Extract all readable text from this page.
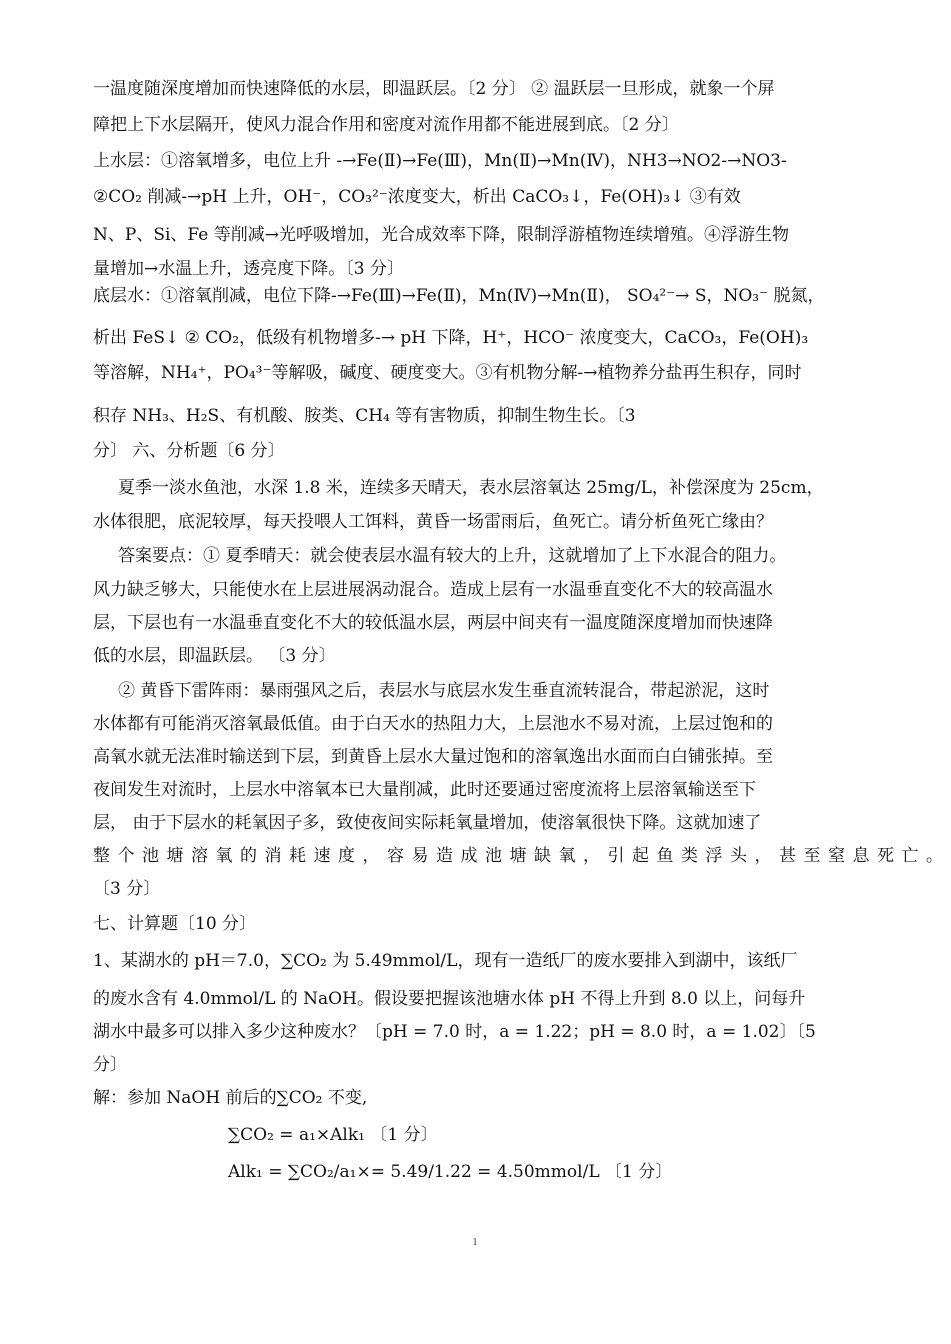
一温度随深度增加而快速降低的水层，即温跃层。〔2 分〕 ② 温跃层一旦形成，就象一个屏
障把上下水层隔开，使风力混合作用和密度对流作用都不能进展到底。〔2 分〕
上水层：①溶氧增多，电位上升 -→Fe(Ⅱ)→Fe(Ⅲ)，Mn(Ⅱ)→Mn(Ⅳ)，NH3→NO2-→NO3-
②CO₂ 削减-→pH 上升，OH⁻，CO₃²⁻浓度变大，析出 CaCO₃↓，Fe(OH)₃↓ ③有效
N、P、Si、Fe 等削减→光呼吸增加，光合成效率下降，限制浮游植物连续增殖。④浮游生物
量增加→水温上升，透亮度下降。〔3 分〕
底层水：①溶氧削减，电位下降-→Fe(Ⅲ)→Fe(Ⅱ)，Mn(Ⅳ)→Mn(Ⅱ)， SO₄²⁻→ S，NO₃⁻ 脱氮，
析出 FeS↓ ② CO₂，低级有机物增多-→ pH 下降，H⁺，HCO⁻ 浓度变大，CaCO₃，Fe(OH)₃
等溶解，NH₄⁺，PO₄³⁻等解吸，碱度、硬度变大。③有机物分解-→植物养分盐再生积存，同时
积存 NH₃、H₂S、有机酸、胺类、CH₄ 等有害物质，抑制生物生长。〔3
分〕 六、分析题〔6 分〕
夏季一淡水鱼池，水深 1.8 米，连续多天晴天，表水层溶氧达 25mg/L，补偿深度为 25cm，
水体很肥，底泥较厚，每天投喂人工饵料，黄昏一场雷雨后，鱼死亡。请分析鱼死亡缘由？
答案要点：① 夏季晴天：就会使表层水温有较大的上升，这就增加了上下水混合的阻力。
风力缺乏够大，只能使水在上层进展涡动混合。造成上层有一水温垂直变化不大的较高温水
层，下层也有一水温垂直变化不大的较低温水层，两层中间夹有一温度随深度增加而快速降
低的水层，即温跃层。 〔3 分〕
② 黄昏下雷阵雨：暴雨强风之后，表层水与底层水发生垂直流转混合，带起淤泥，这时
水体都有可能消灭溶氧最低值。由于白天水的热阻力大，上层池水不易对流，上层过饱和的
高氧水就无法准时输送到下层，到黄昏上层水大量过饱和的溶氧逸出水面而白白铺张掉。至
夜间发生对流时，上层水中溶氧本已大量削减，此时还要通过密度流将上层溶氧输送至下
层， 由于下层水的耗氧因子多，致使夜间实际耗氧量增加，使溶氧很快下降。这就加速了
整个池塘溶氧的消耗速度，容易造成池塘缺氧，引起鱼类浮头，甚至窒息死亡。
〔3 分〕
七、计算题〔10 分〕
1、某湖水的 pH＝7.0，∑CO₂ 为 5.49mmol/L，现有一造纸厂的废水要排入到湖中，该纸厂
的废水含有 4.0mmol/L 的 NaOH。假设要把握该池塘水体 pH 不得上升到 8.0 以上，问每升
湖水中最多可以排入多少这种废水？〔pH = 7.0 时，a = 1.22；pH = 8.0 时，a = 1.02〕〔5
分〕
解：参加 NaOH 前后的∑CO₂ 不变,
∑CO₂ = a₁×Alk₁ 〔1 分〕
Alk₁ = ∑CO₂/a₁×= 5.49/1.22 = 4.50mmol/L 〔1 分〕
1
